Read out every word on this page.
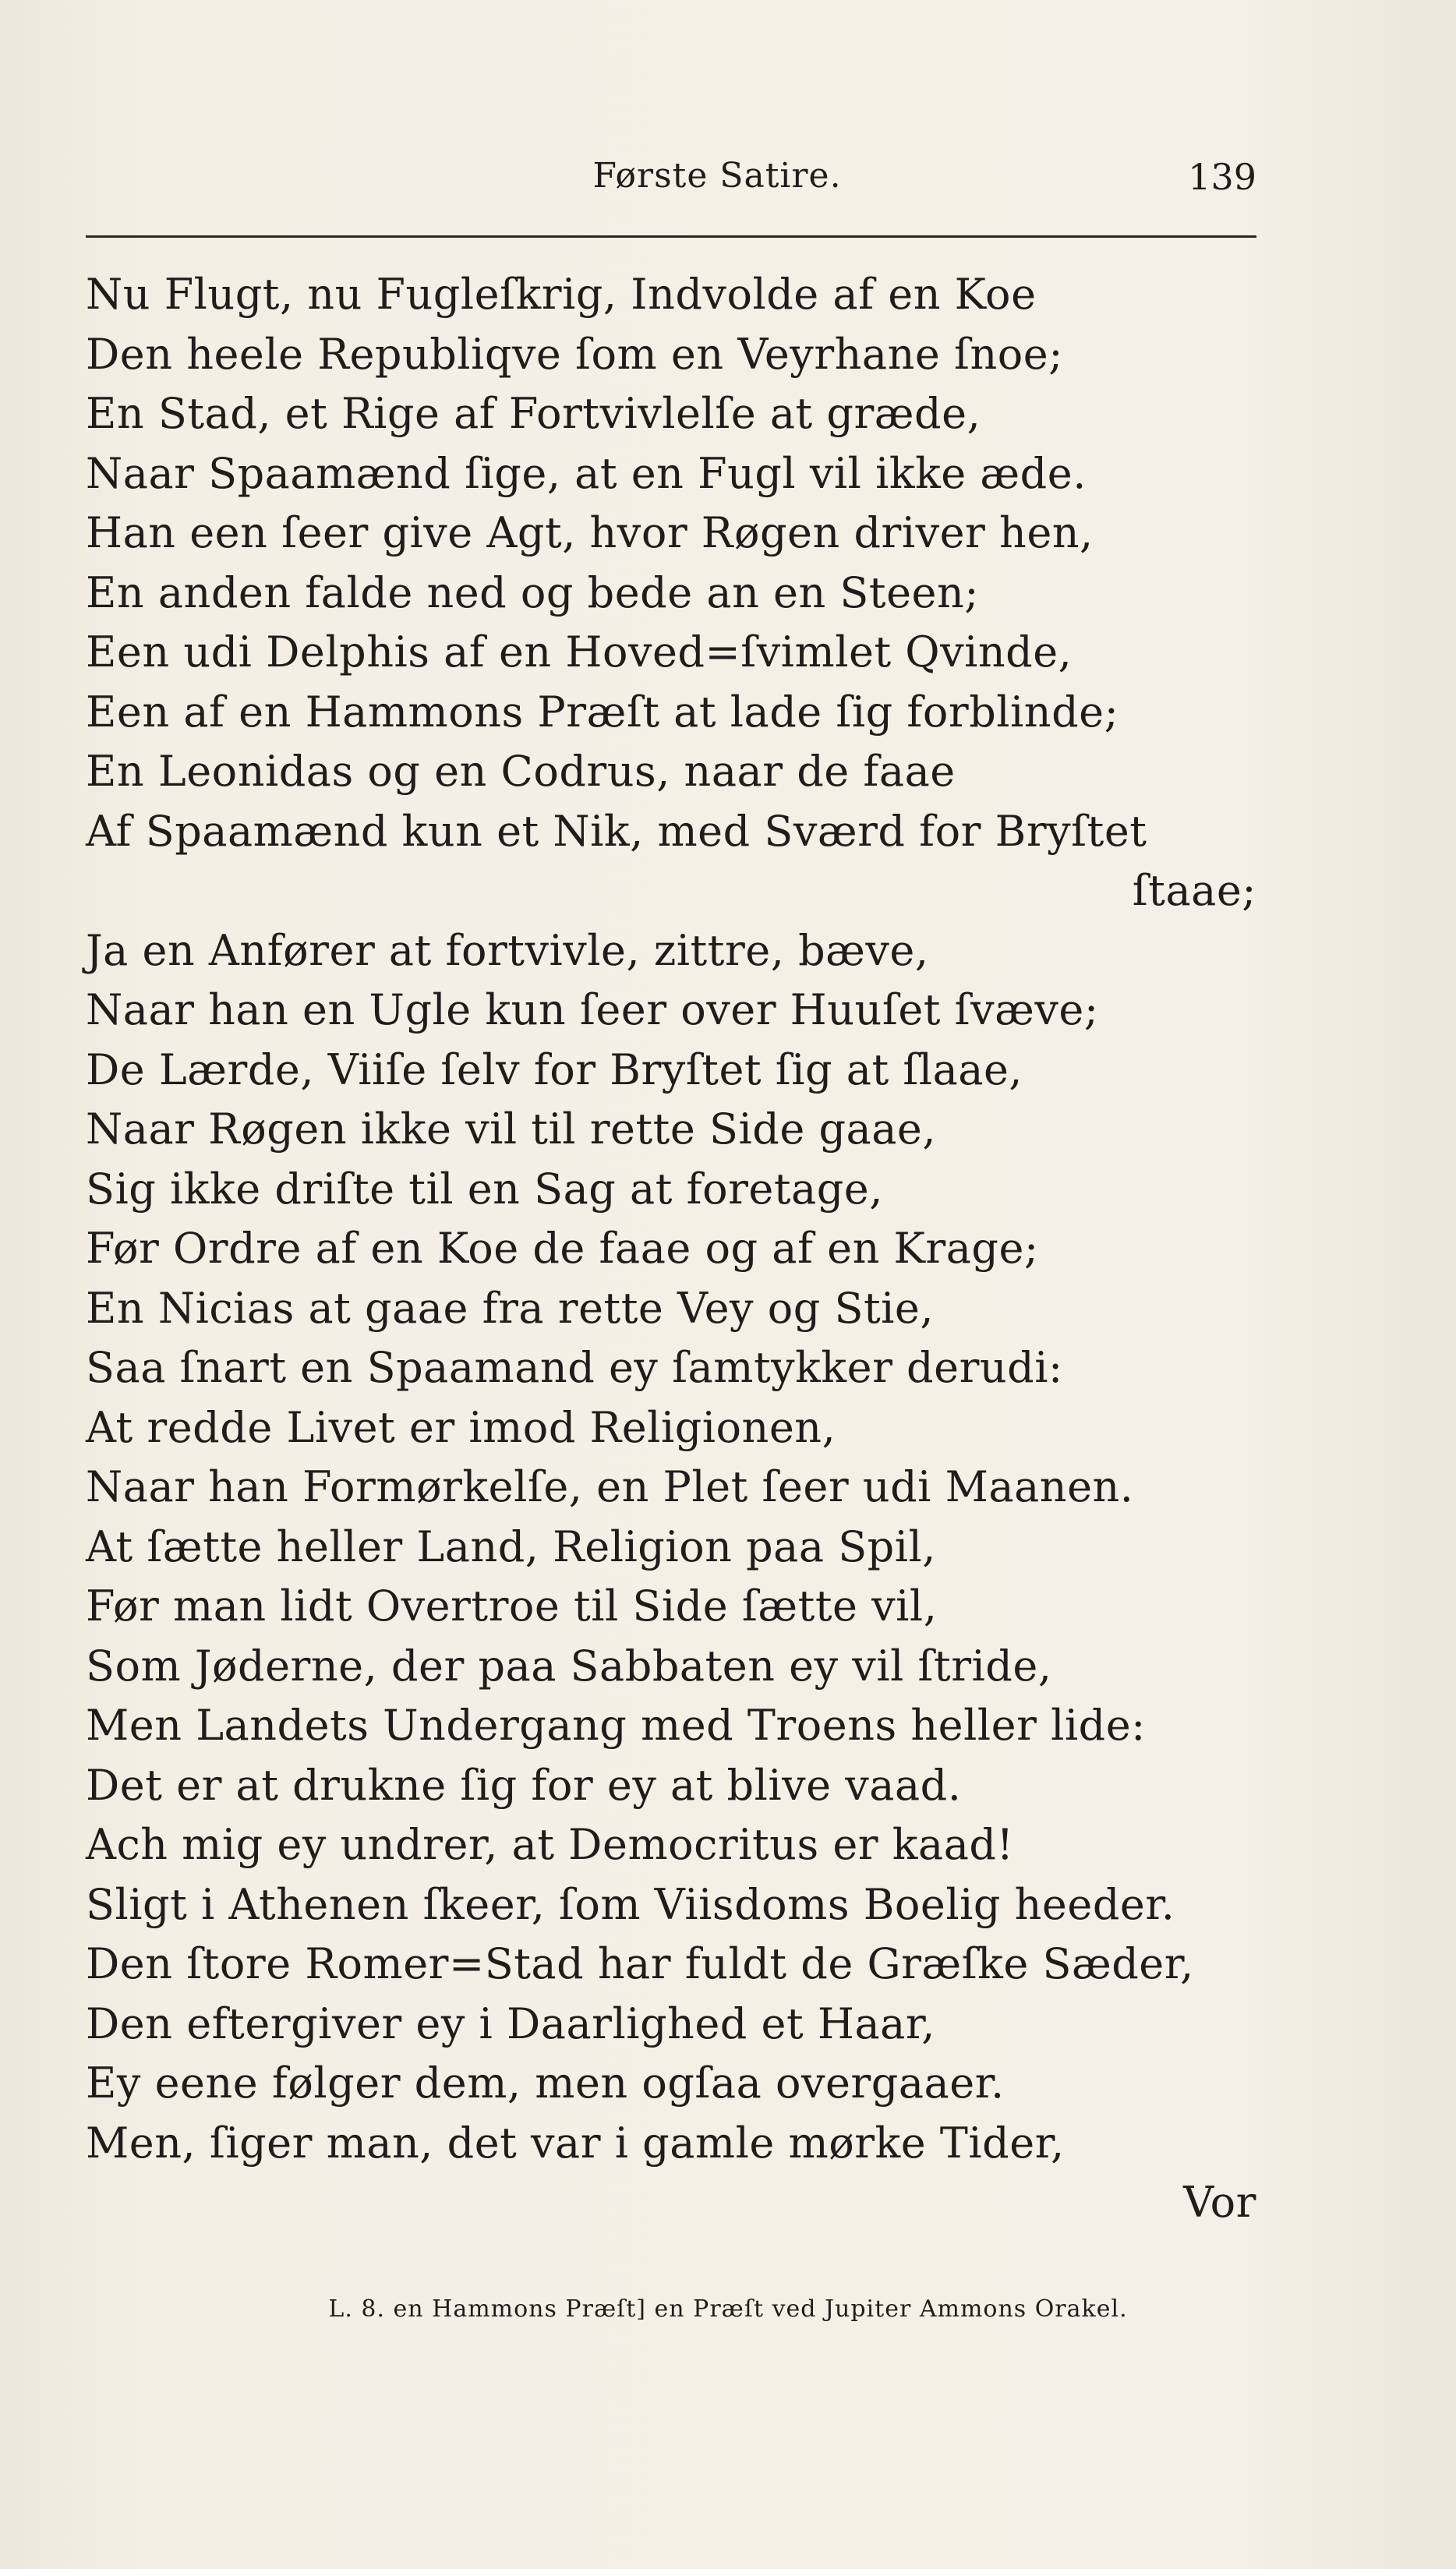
Første Satire.	139
Nu Flugt, nu Fugleſkrig, Indvolde af en Koe
Den heele Republiqve ſom en Veyrhane ſnoe;
En Stad, et Rige af Fortvivlelſe at græde,
Naar Spaamænd ſige, at en Fugl vil ikke æde.
Han een ſeer give Agt, hvor Røgen driver hen,
En anden falde ned og bede an en Steen;
Een udi Delphis af en Hoved=ſvimlet Qvinde,
Een af en Hammons Præſt at lade ſig forblinde;
En Leonidas og en Codrus, naar de faae
Af Spaamænd kun et Nik, med Sværd for Bryſtet
ſtaae;
Ja en Anfører at fortvivle, zittre, bæve,
Naar han en Ugle kun ſeer over Huuſet ſvæve;
De Lærde, Viiſe ſelv for Bryſtet ſig at ſlaae,
Naar Røgen ikke vil til rette Side gaae,
Sig ikke driſte til en Sag at foretage,
Før Ordre af en Koe de faae og af en Krage;
En Nicias at gaae fra rette Vey og Stie,
Saa ſnart en Spaamand ey ſamtykker derudi:
At redde Livet er imod Religionen,
Naar han Formørkelſe, en Plet ſeer udi Maanen.
At ſætte heller Land, Religion paa Spil,
Før man lidt Overtroe til Side ſætte vil,
Som Jøderne, der paa Sabbaten ey vil ſtride,
Men Landets Undergang med Troens heller lide:
Det er at drukne ſig for ey at blive vaad.
Ach mig ey undrer, at Democritus er kaad!
Sligt i Athenen ſkeer, ſom Viisdoms Boelig heeder.
Den ſtore Romer=Stad har fuldt de Græſke Sæder,
Den eftergiver ey i Daarlighed et Haar,
Ey eene følger dem, men ogſaa overgaaer.
Men, ſiger man, det var i gamle mørke Tider,
Vor
L. 8. en Hammons Præſt] en Præſt ved Jupiter Ammons Orakel.
